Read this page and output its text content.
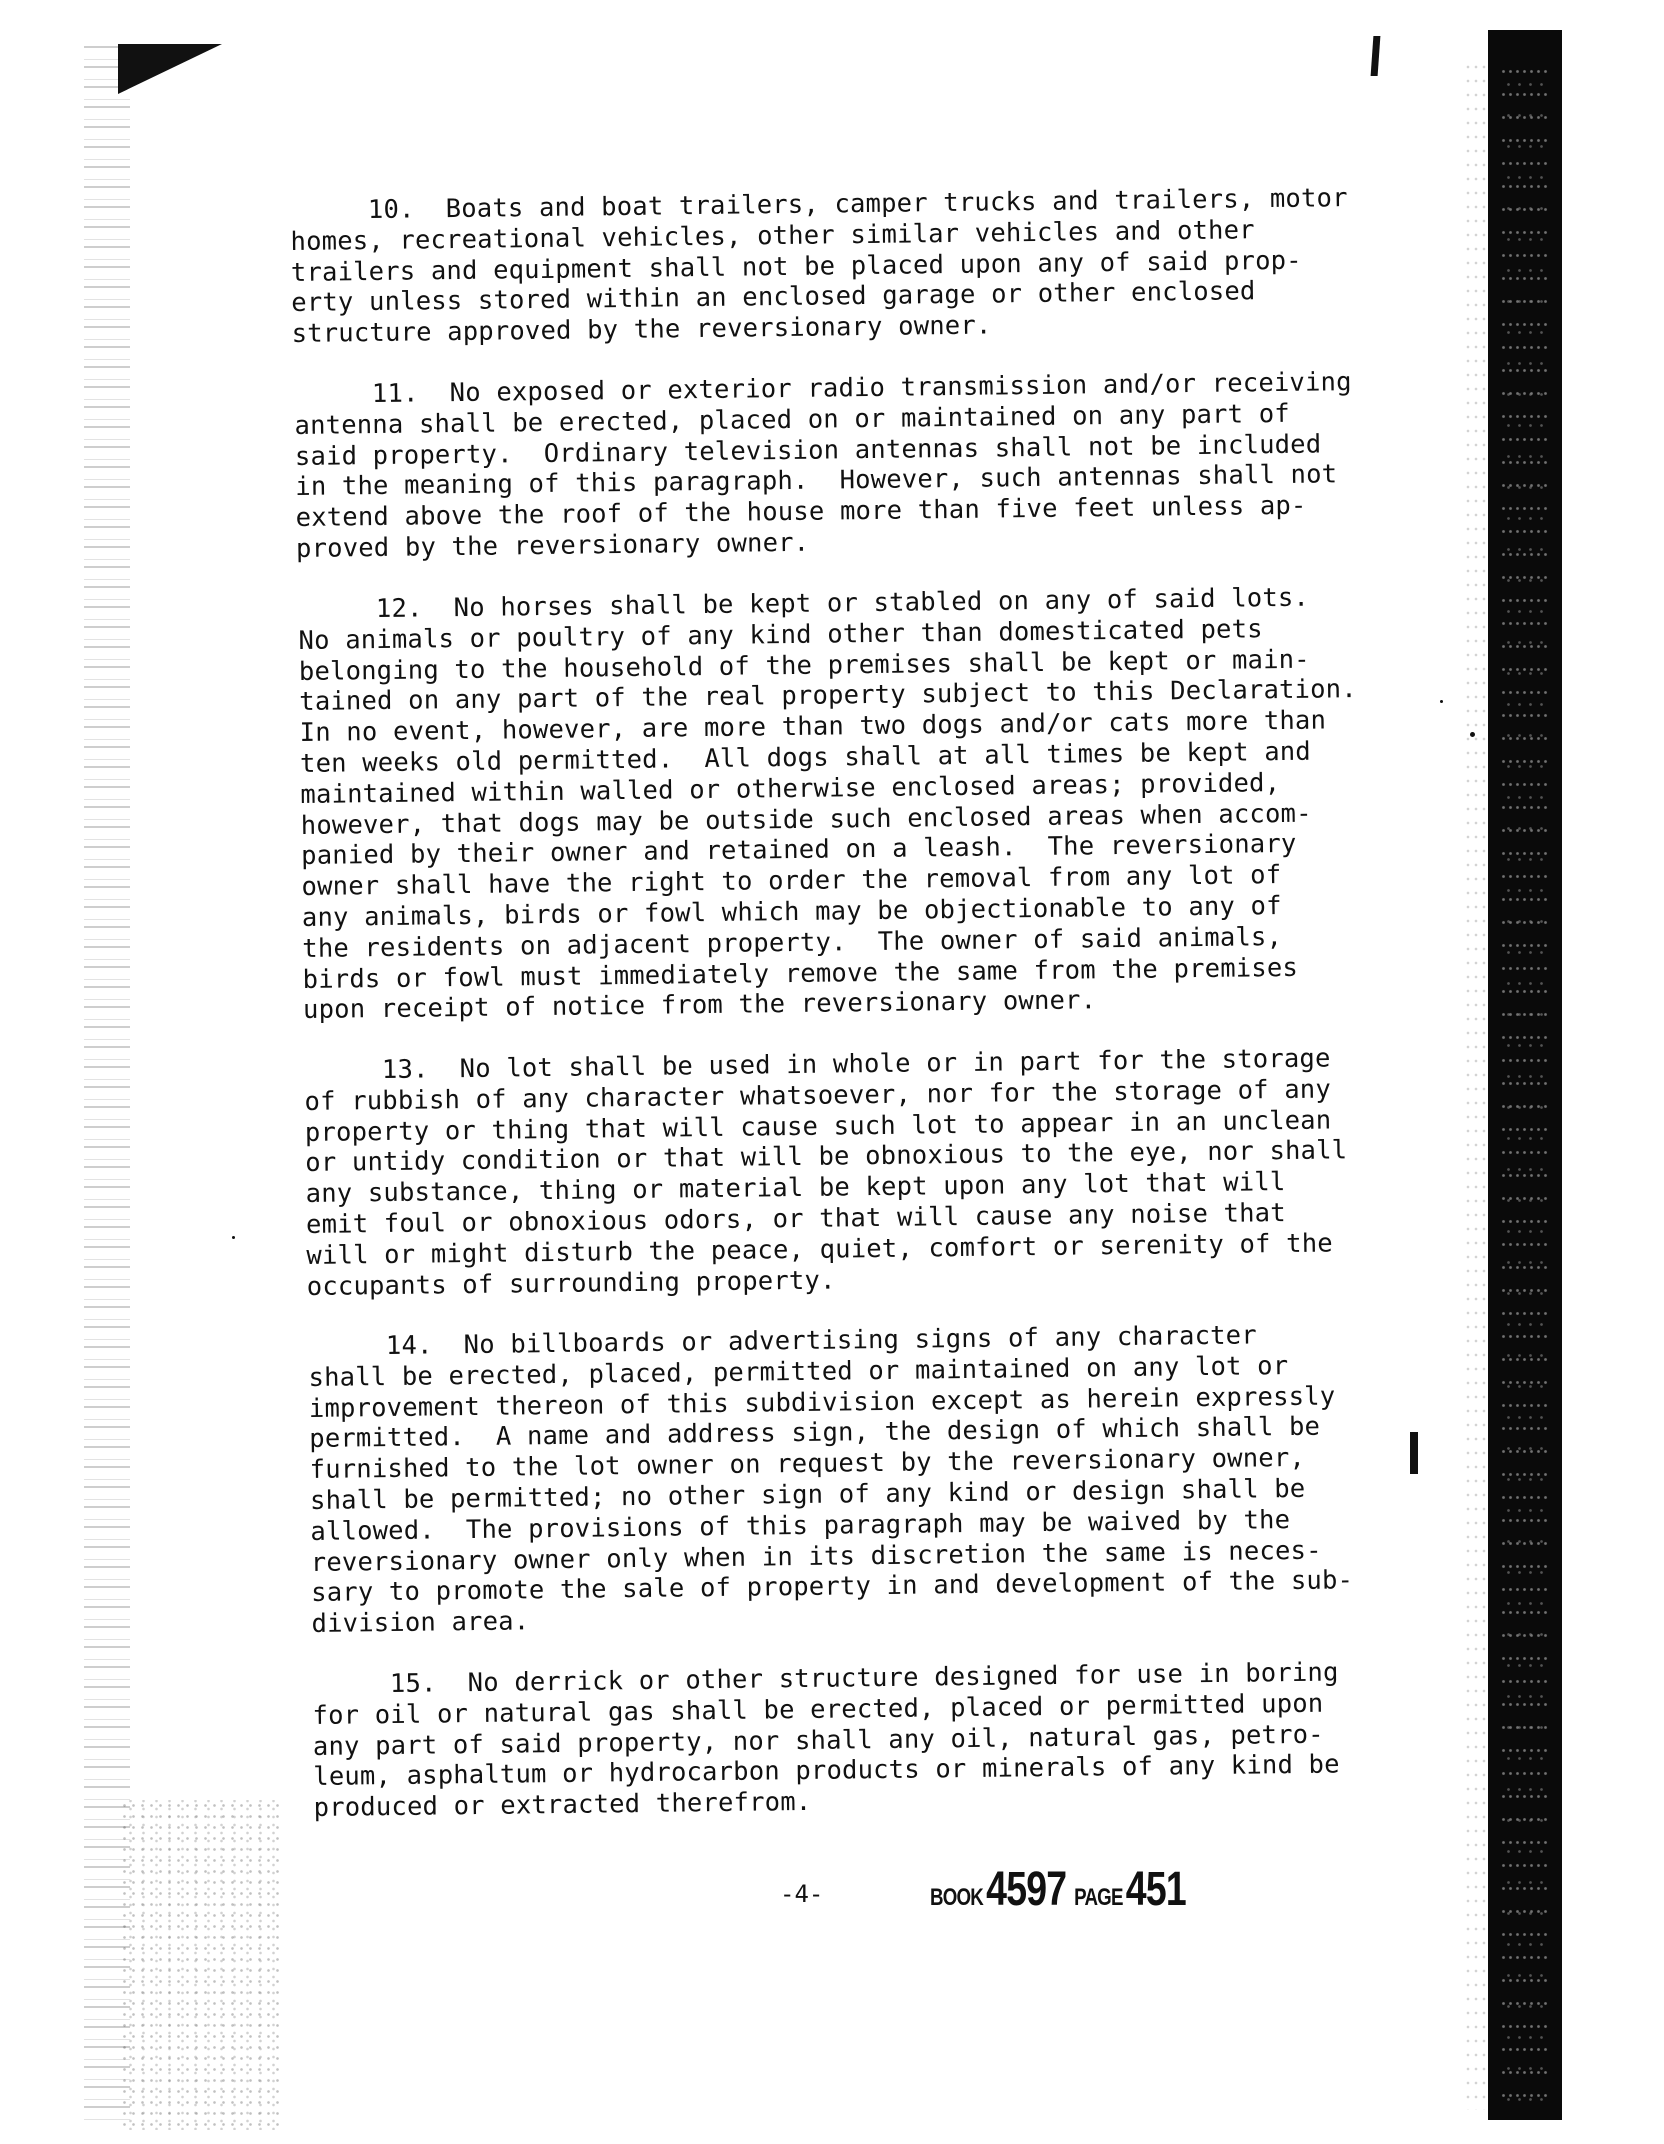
10.  Boats and boat trailers, camper trucks and trailers, motor
homes, recreational vehicles, other similar vehicles and other
trailers and equipment shall not be placed upon any of said prop-
erty unless stored within an enclosed garage or other enclosed
structure approved by the reversionary owner.
11.  No exposed or exterior radio transmission and/or receiving
antenna shall be erected, placed on or maintained on any part of
said property.  Ordinary television antennas shall not be included
in the meaning of this paragraph.  However, such antennas shall not
extend above the roof of the house more than five feet unless ap-
proved by the reversionary owner.
12.  No horses shall be kept or stabled on any of said lots.
No animals or poultry of any kind other than domesticated pets
belonging to the household of the premises shall be kept or main-
tained on any part of the real property subject to this Declaration.
In no event, however, are more than two dogs and/or cats more than
ten weeks old permitted.  All dogs shall at all times be kept and
maintained within walled or otherwise enclosed areas; provided,
however, that dogs may be outside such enclosed areas when accom-
panied by their owner and retained on a leash.  The reversionary
owner shall have the right to order the removal from any lot of
any animals, birds or fowl which may be objectionable to any of
the residents on adjacent property.  The owner of said animals,
birds or fowl must immediately remove the same from the premises
upon receipt of notice from the reversionary owner.
13.  No lot shall be used in whole or in part for the storage
of rubbish of any character whatsoever, nor for the storage of any
property or thing that will cause such lot to appear in an unclean
or untidy condition or that will be obnoxious to the eye, nor shall
any substance, thing or material be kept upon any lot that will
emit foul or obnoxious odors, or that will cause any noise that
will or might disturb the peace, quiet, comfort or serenity of the
occupants of surrounding property.
14.  No billboards or advertising signs of any character
shall be erected, placed, permitted or maintained on any lot or
improvement thereon of this subdivision except as herein expressly
permitted.  A name and address sign, the design of which shall be
furnished to the lot owner on request by the reversionary owner,
shall be permitted; no other sign of any kind or design shall be
allowed.  The provisions of this paragraph may be waived by the
reversionary owner only when in its discretion the same is neces-
sary to promote the sale of property in and development of the sub-
division area.
15.  No derrick or other structure designed for use in boring
for oil or natural gas shall be erected, placed or permitted upon
any part of said property, nor shall any oil, natural gas, petro-
leum, asphaltum or hydrocarbon products or minerals of any kind be
produced or extracted therefrom.
-4-	BOOK 4597 PAGE 451
